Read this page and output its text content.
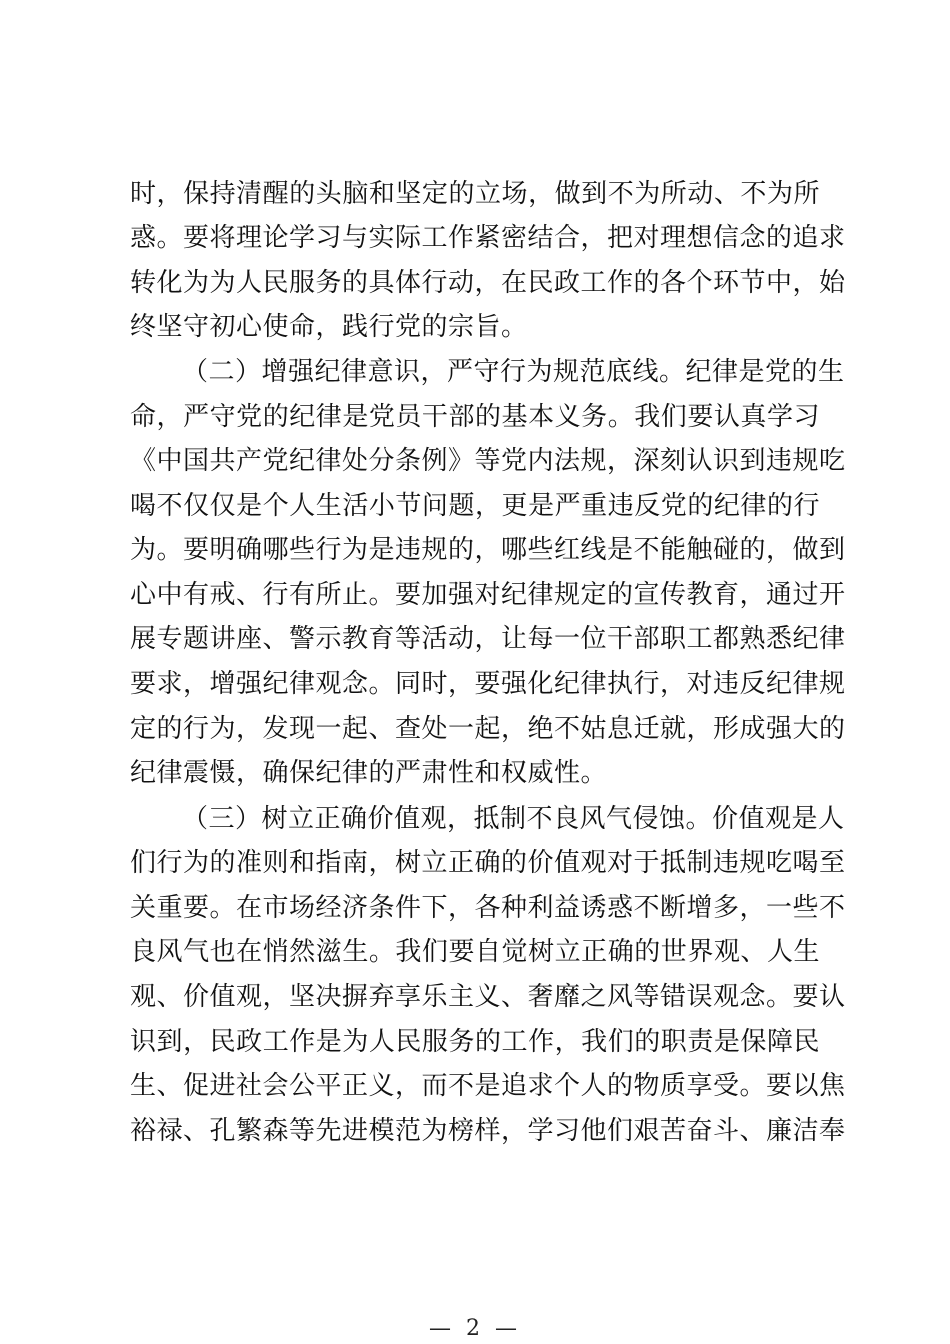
时，保持清醒的头脑和坚定的立场，做到不为所动、不为所
惑。要将理论学习与实际工作紧密结合，把对理想信念的追求
转化为为人民服务的具体行动，在民政工作的各个环节中，始
终坚守初心使命，践行党的宗旨。
（二）增强纪律意识，严守行为规范底线。纪律是党的生
命，严守党的纪律是党员干部的基本义务。我们要认真学习
《中国共产党纪律处分条例》等党内法规，深刻认识到违规吃
喝不仅仅是个人生活小节问题，更是严重违反党的纪律的行
为。要明确哪些行为是违规的，哪些红线是不能触碰的，做到
心中有戒、行有所止。要加强对纪律规定的宣传教育，通过开
展专题讲座、警示教育等活动，让每一位干部职工都熟悉纪律
要求，增强纪律观念。同时，要强化纪律执行，对违反纪律规
定的行为，发现一起、查处一起，绝不姑息迁就，形成强大的
纪律震慑，确保纪律的严肃性和权威性。
（三）树立正确价值观，抵制不良风气侵蚀。价值观是人
们行为的准则和指南，树立正确的价值观对于抵制违规吃喝至
关重要。在市场经济条件下，各种利益诱惑不断增多，一些不
良风气也在悄然滋生。我们要自觉树立正确的世界观、人生
观、价值观，坚决摒弃享乐主义、奢靡之风等错误观念。要认
识到，民政工作是为人民服务的工作，我们的职责是保障民
生、促进社会公平正义，而不是追求个人的物质享受。要以焦
裕禄、孔繁森等先进模范为榜样，学习他们艰苦奋斗、廉洁奉
— 2 —
